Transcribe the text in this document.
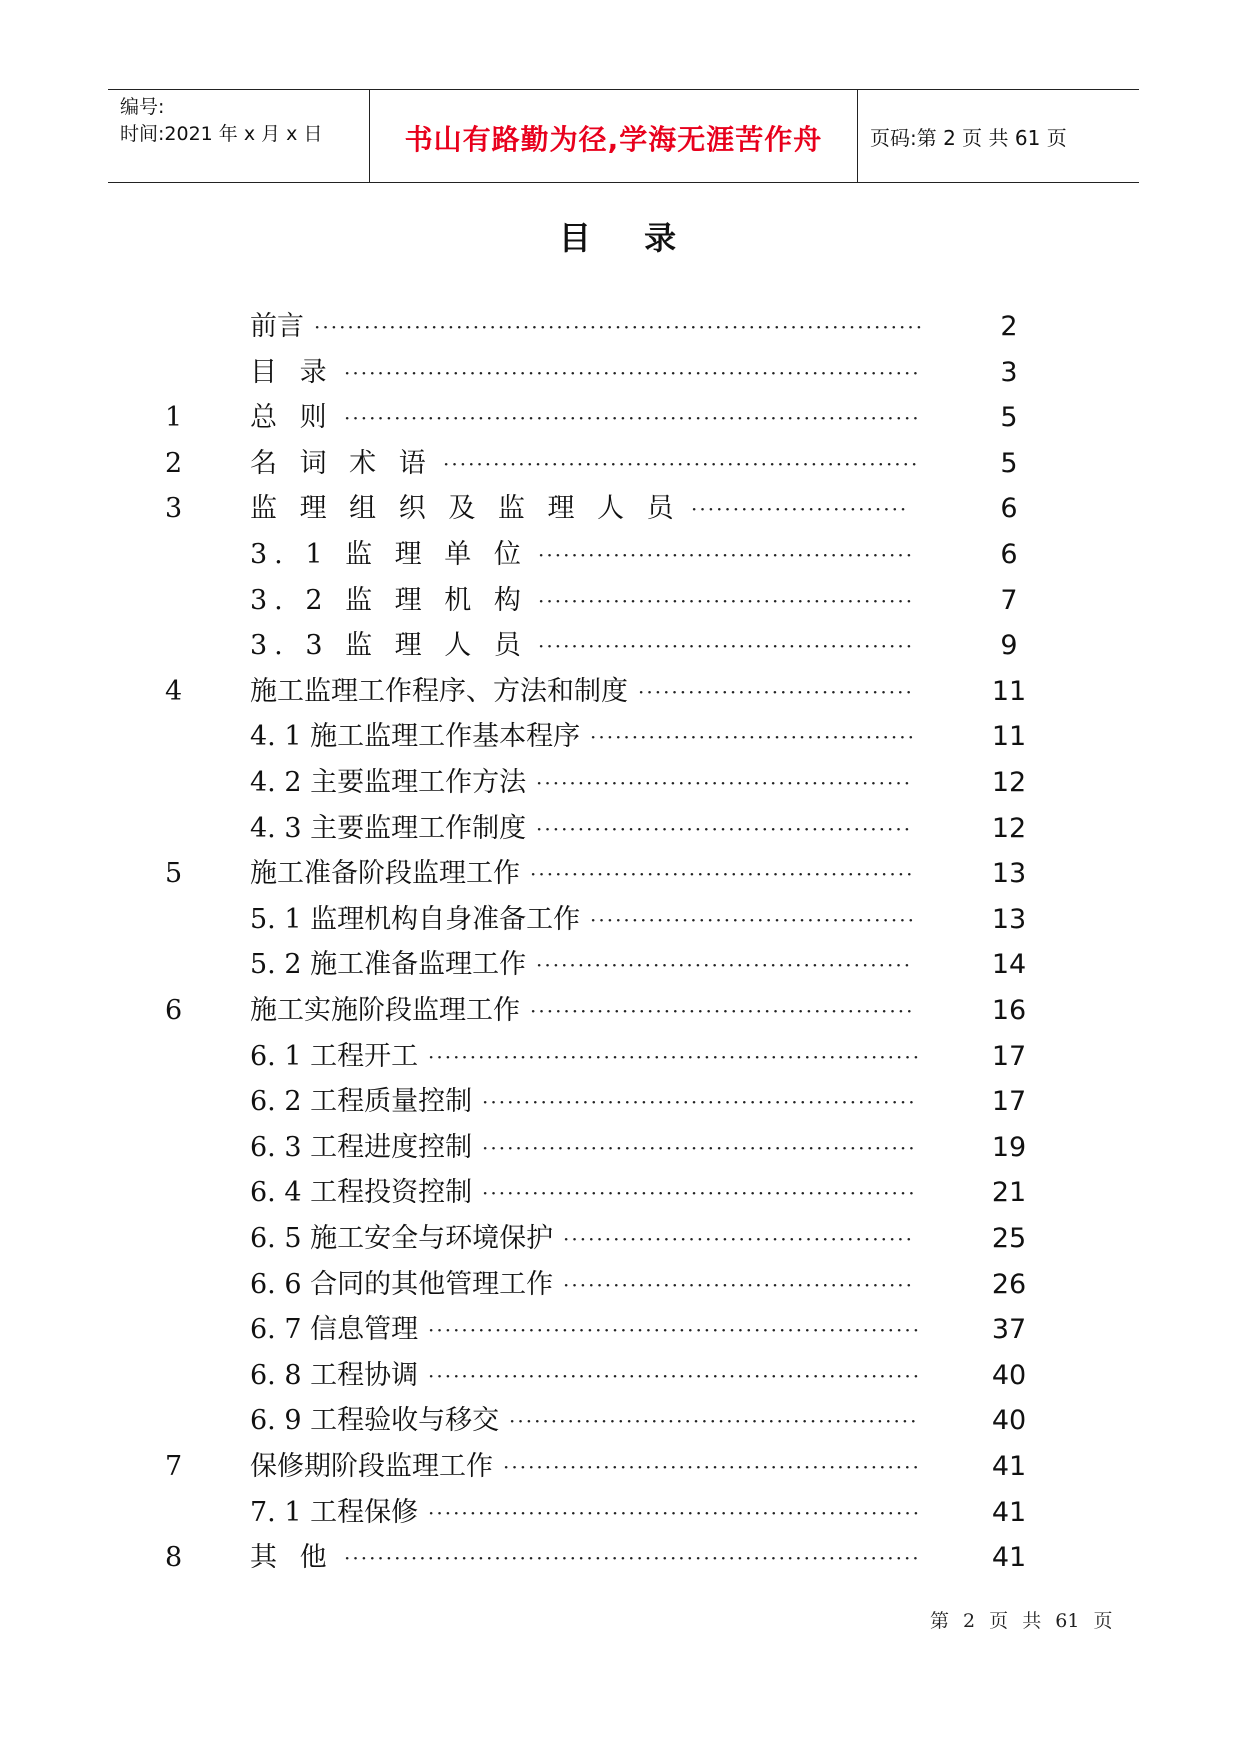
编号:
时间:2021 年 x 月 x 日	书山有路勤为径,学海无涯苦作舟	页码:第 2 页 共 61 页
目 录
前言 ·········································································	2
目 录 ·····································································	3
1	总 则 ·····································································	5
2	名 词 术 语 ·························································	5
3	监 理 组 织 及 监 理 人 员 ··························	6
3. 1 监 理 单 位 ·············································	6
3. 2 监 理 机 构 ·············································	7
3. 3 监 理 人 员 ·············································	9
4	施工监理工作程序、方法和制度 ·································	11
4. 1 施工监理工作基本程序 ·······································	11
4. 2 主要监理工作方法 ·············································	12
4. 3 主要监理工作制度 ·············································	12
5	施工准备阶段监理工作 ··············································	13
5. 1 监理机构自身准备工作 ·······································	13
5. 2 施工准备监理工作 ·············································	14
6	施工实施阶段监理工作 ··············································	16
6. 1 工程开工 ···························································	17
6. 2 工程质量控制 ····················································	17
6. 3 工程进度控制 ····················································	19
6. 4 工程投资控制 ····················································	21
6. 5 施工安全与环境保护 ··········································	25
6. 6 合同的其他管理工作 ··········································	26
6. 7 信息管理 ···························································	37
6. 8 工程协调 ···························································	40
6. 9 工程验收与移交 ·················································	40
7	保修期阶段监理工作 ··················································	41
7. 1 工程保修 ···························································	41
8	其 他 ·····································································	41
第 2 页 共 61 页
